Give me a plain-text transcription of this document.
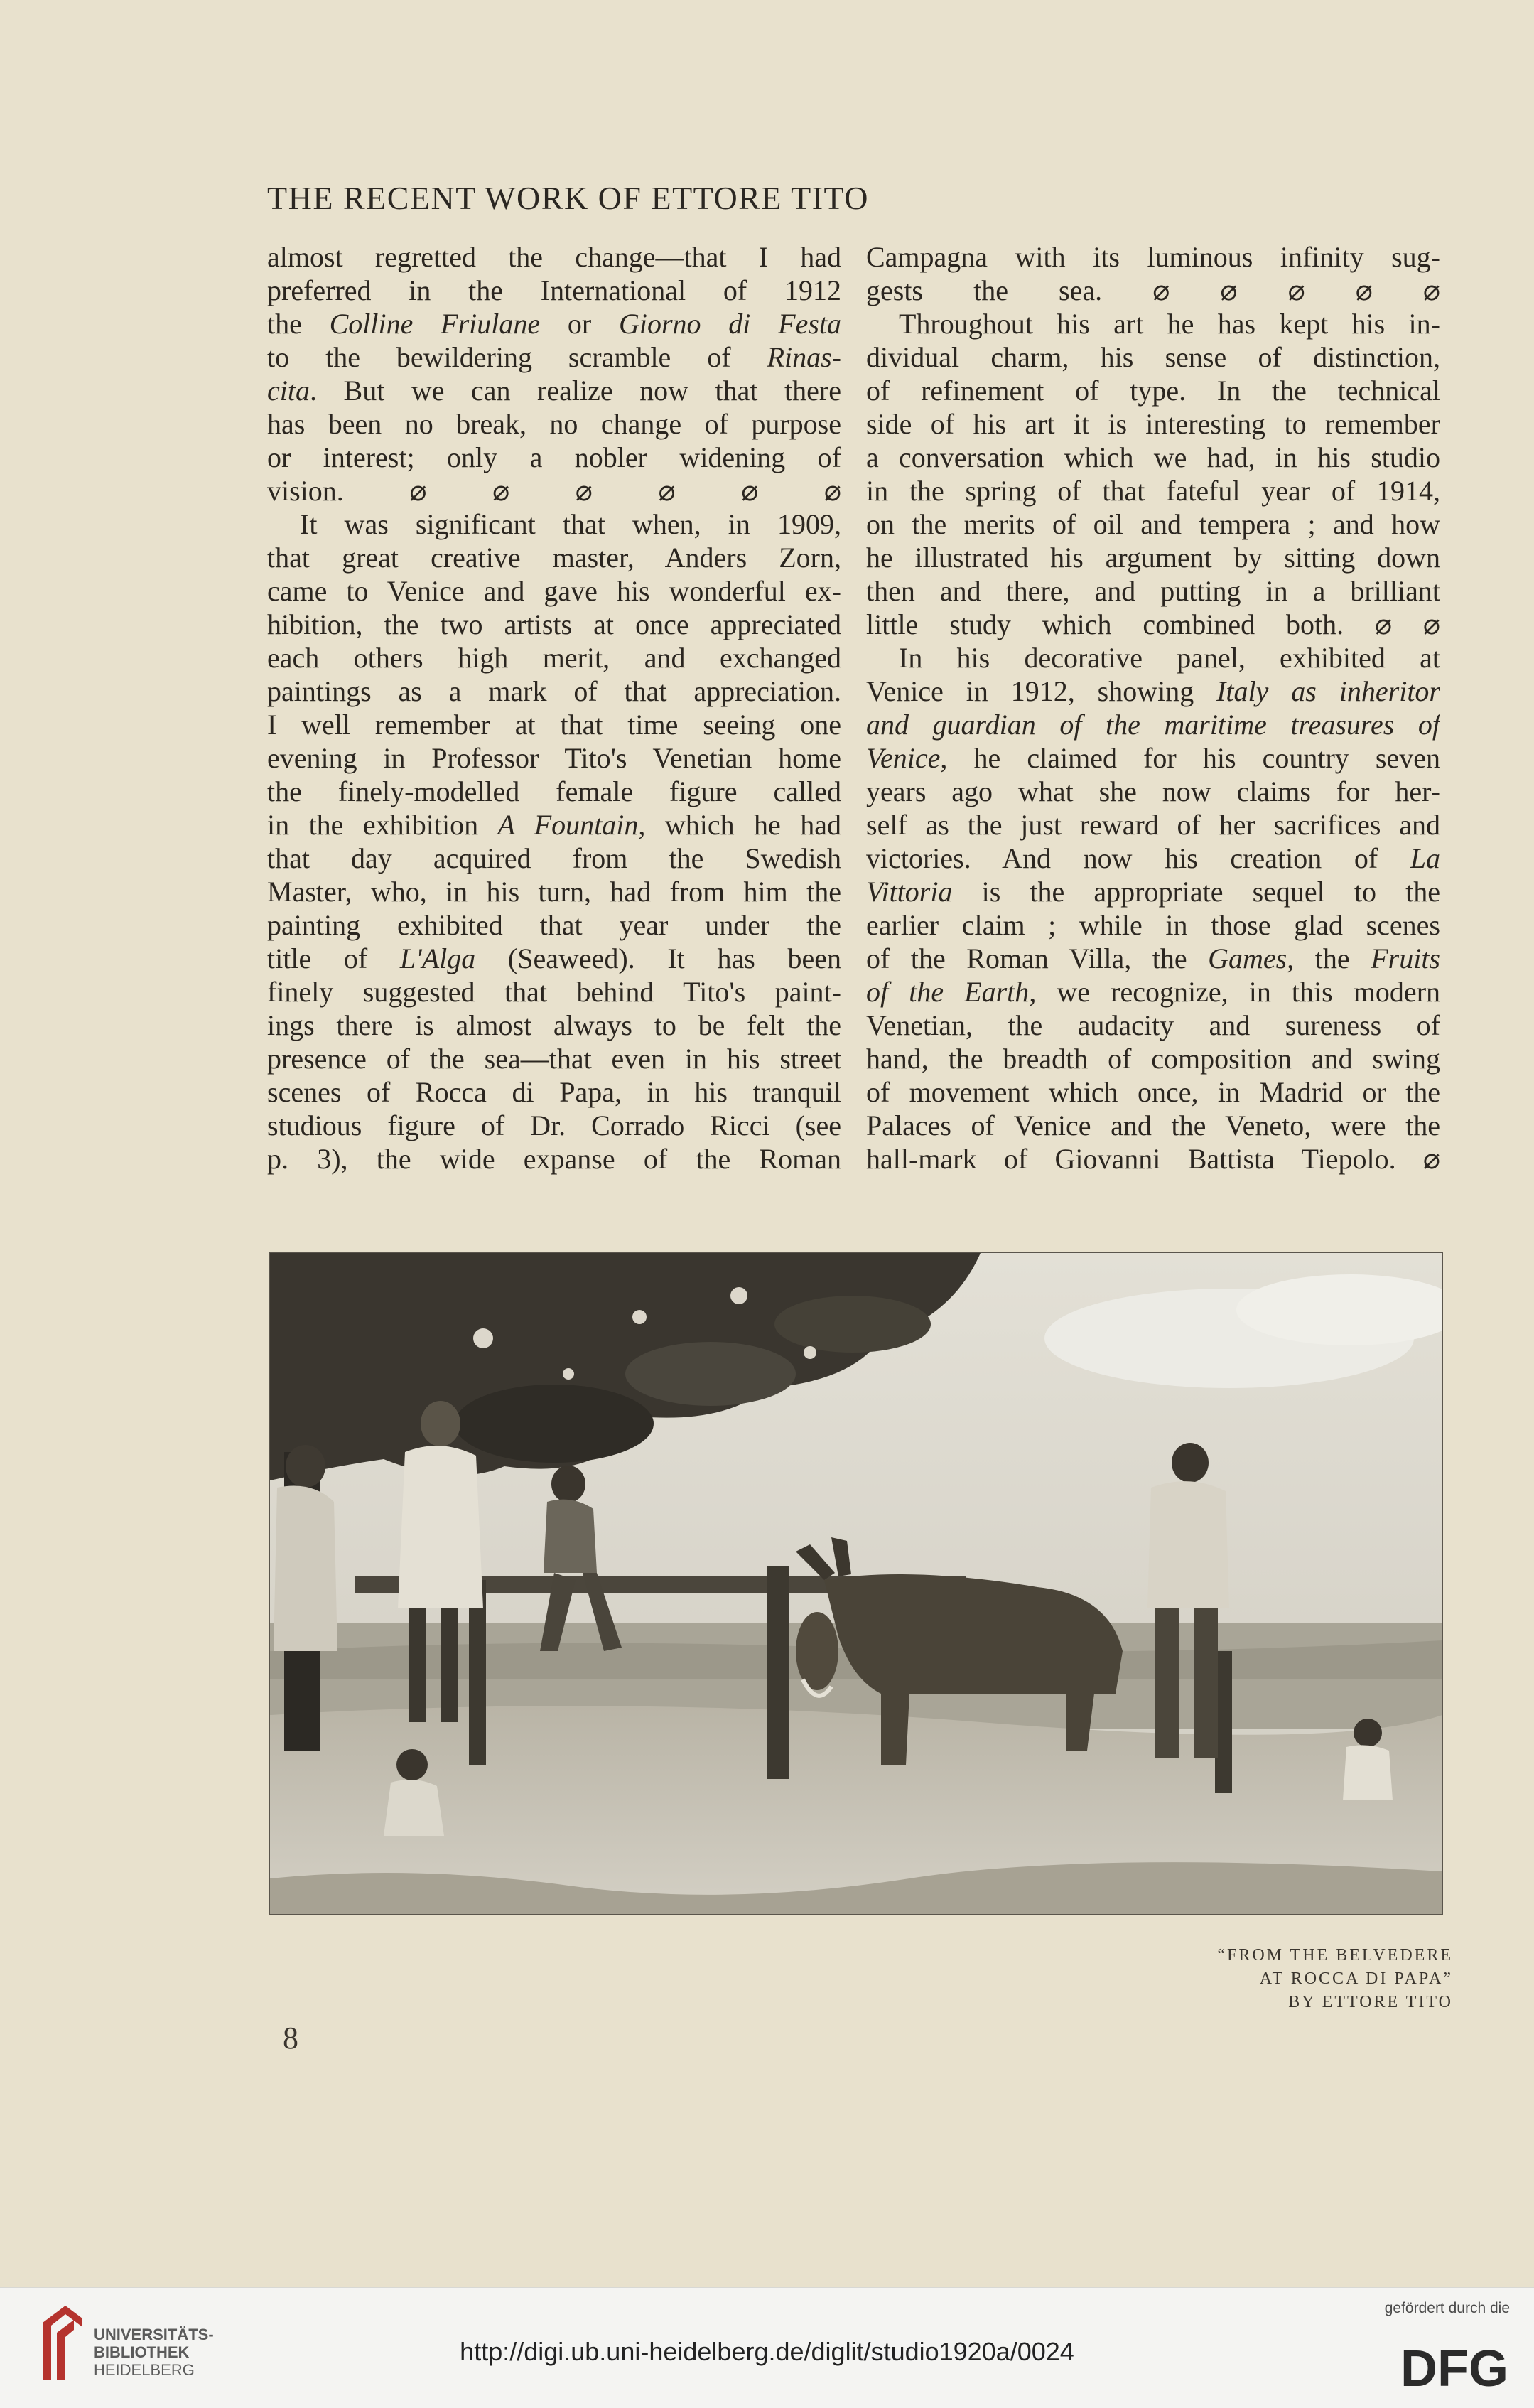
THE RECENT WORK OF ETTORE TITO
almost regretted the change—that I had
preferred in the International of 1912
the Colline Friulane or Giorno di Festa
to the bewildering scramble of Rinas-
cita. But we can realize now that there
has been no break, no change of purpose
or interest; only a nobler widening of
vision. ⌀ ⌀ ⌀ ⌀ ⌀ ⌀
It was significant that when, in 1909,
that great creative master, Anders Zorn,
came to Venice and gave his wonderful ex-
hibition, the two artists at once appreciated
each others high merit, and exchanged
paintings as a mark of that appreciation.
I well remember at that time seeing one
evening in Professor Tito's Venetian home
the finely-modelled female figure called
in the exhibition A Fountain, which he had
that day acquired from the Swedish
Master, who, in his turn, had from him the
painting exhibited that year under the
title of L'Alga (Seaweed). It has been
finely suggested that behind Tito's paint-
ings there is almost always to be felt the
presence of the sea—that even in his street
scenes of Rocca di Papa, in his tranquil
studious figure of Dr. Corrado Ricci (see
p. 3), the wide expanse of the Roman
Campagna with its luminous infinity sug-
gests the sea. ⌀ ⌀ ⌀ ⌀ ⌀
Throughout his art he has kept his in-
dividual charm, his sense of distinction,
of refinement of type. In the technical
side of his art it is interesting to remember
a conversation which we had, in his studio
in the spring of that fateful year of 1914,
on the merits of oil and tempera ; and how
he illustrated his argument by sitting down
then and there, and putting in a brilliant
little study which combined both. ⌀ ⌀
In his decorative panel, exhibited at
Venice in 1912, showing Italy as inheritor
and guardian of the maritime treasures of
Venice, he claimed for his country seven
years ago what she now claims for her-
self as the just reward of her sacrifices and
victories. And now his creation of La
Vittoria is the appropriate sequel to the
earlier claim ; while in those glad scenes
of the Roman Villa, the Games, the Fruits
of the Earth, we recognize, in this modern
Venetian, the audacity and sureness of
hand, the breadth of composition and swing
of movement which once, in Madrid or the
Palaces of Venice and the Veneto, were the
hall-mark of Giovanni Battista Tiepolo. ⌀
“FROM THE BELVEDERE
AT ROCCA DI PAPA”
BY ETTORE TITO
8
UNIVERSITÄTS-
BIBLIOTHEK
HEIDELBERG
http://digi.ub.uni-heidelberg.de/diglit/studio1920a/0024
gefördert durch die
DFG
